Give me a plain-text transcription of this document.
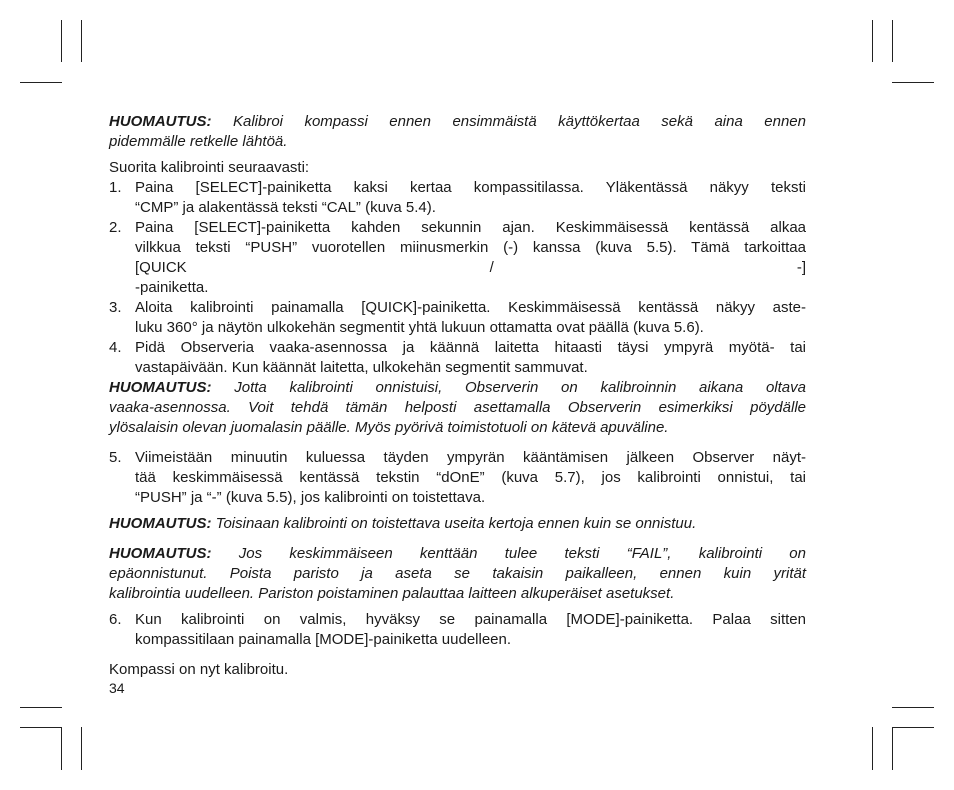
HUOMAUTUS: Kalibroi kompassi ennen ensimmäistä käyttökertaa sekä aina ennen

pidemmälle retkelle lähtöä.

Suorita kalibrointi seuraavasti:

1. Paina [SELECT]-painiketta kaksi kertaa kompassitilassa. Yläkentässä näkyy teksti

“CMP” ja alakentässä teksti “CAL” (kuva 5.4).

2. Paina [SELECT]-painiketta kahden sekunnin ajan. Keskimmäisessä kentässä alkaa

vilkkua teksti “PUSH” vuorotellen miinusmerkin (-) kanssa (kuva 5.5). Tämä tarkoittaa

[QUICK / -]

-painiketta.

3. Aloita kalibrointi painamalla [QUICK]-painiketta. Keskimmäisessä kentässä näkyy aste-

luku 360° ja näytön ulkokehän segmentit yhtä lukuun ottamatta ovat päällä (kuva 5.6).

4. Pidä Observeria vaaka-asennossa ja käännä laitetta hitaasti täysi ympyrä myötä- tai

vastapäivään. Kun käännät laitetta, ulkokehän segmentit sammuvat.

HUOMAUTUS: Jotta kalibrointi onnistuisi, Observerin on kalibroinnin aikana oltava

vaaka-asennossa. Voit tehdä tämän helposti asettamalla Observerin esimerkiksi pöydälle

ylösalaisin olevan juomalasin päälle. Myös pyörivä toimistotuoli on kätevä apuväline.

5. Viimeistään minuutin kuluessa täyden ympyrän kääntämisen jälkeen Observer näyt-

tää keskimmäisessä kentässä tekstin “dOnE” (kuva 5.7), jos kalibrointi onnistui, tai

“PUSH” ja “-” (kuva 5.5), jos kalibrointi on toistettava.

HUOMAUTUS: Toisinaan kalibrointi on toistettava useita kertoja ennen kuin se onnistuu.

HUOMAUTUS: Jos keskimmäiseen kenttään tulee teksti “FAIL”, kalibrointi on

epäonnistunut. Poista paristo ja aseta se takaisin paikalleen, ennen kuin yrität

kalibrointia uudelleen. Pariston poistaminen palauttaa laitteen alkuperäiset asetukset.

6. Kun kalibrointi on valmis, hyväksy se painamalla [MODE]-painiketta. Palaa sitten

kompassitilaan painamalla [MODE]-painiketta uudelleen.

Kompassi on nyt kalibroitu.

34
